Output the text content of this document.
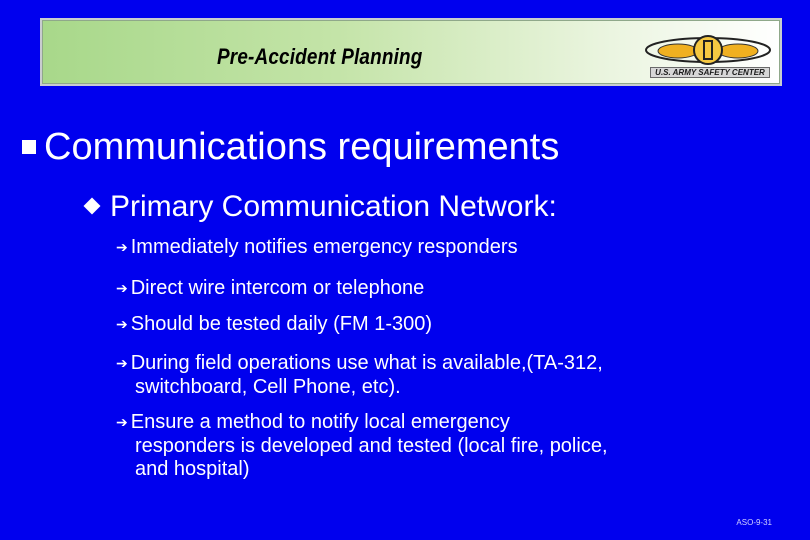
Pre-Accident Planning
U.S. ARMY SAFETY CENTER
Communications requirements
Primary Communication Network:
➔ Immediately notifies emergency responders
➔ Direct wire intercom or telephone
➔ Should be tested daily (FM 1-300)
➔ During field operations use what is available,(TA-312,
switchboard, Cell Phone, etc).
➔ Ensure a method to notify local emergency
responders is developed and tested (local fire, police,
and hospital)
ASO-9-31
